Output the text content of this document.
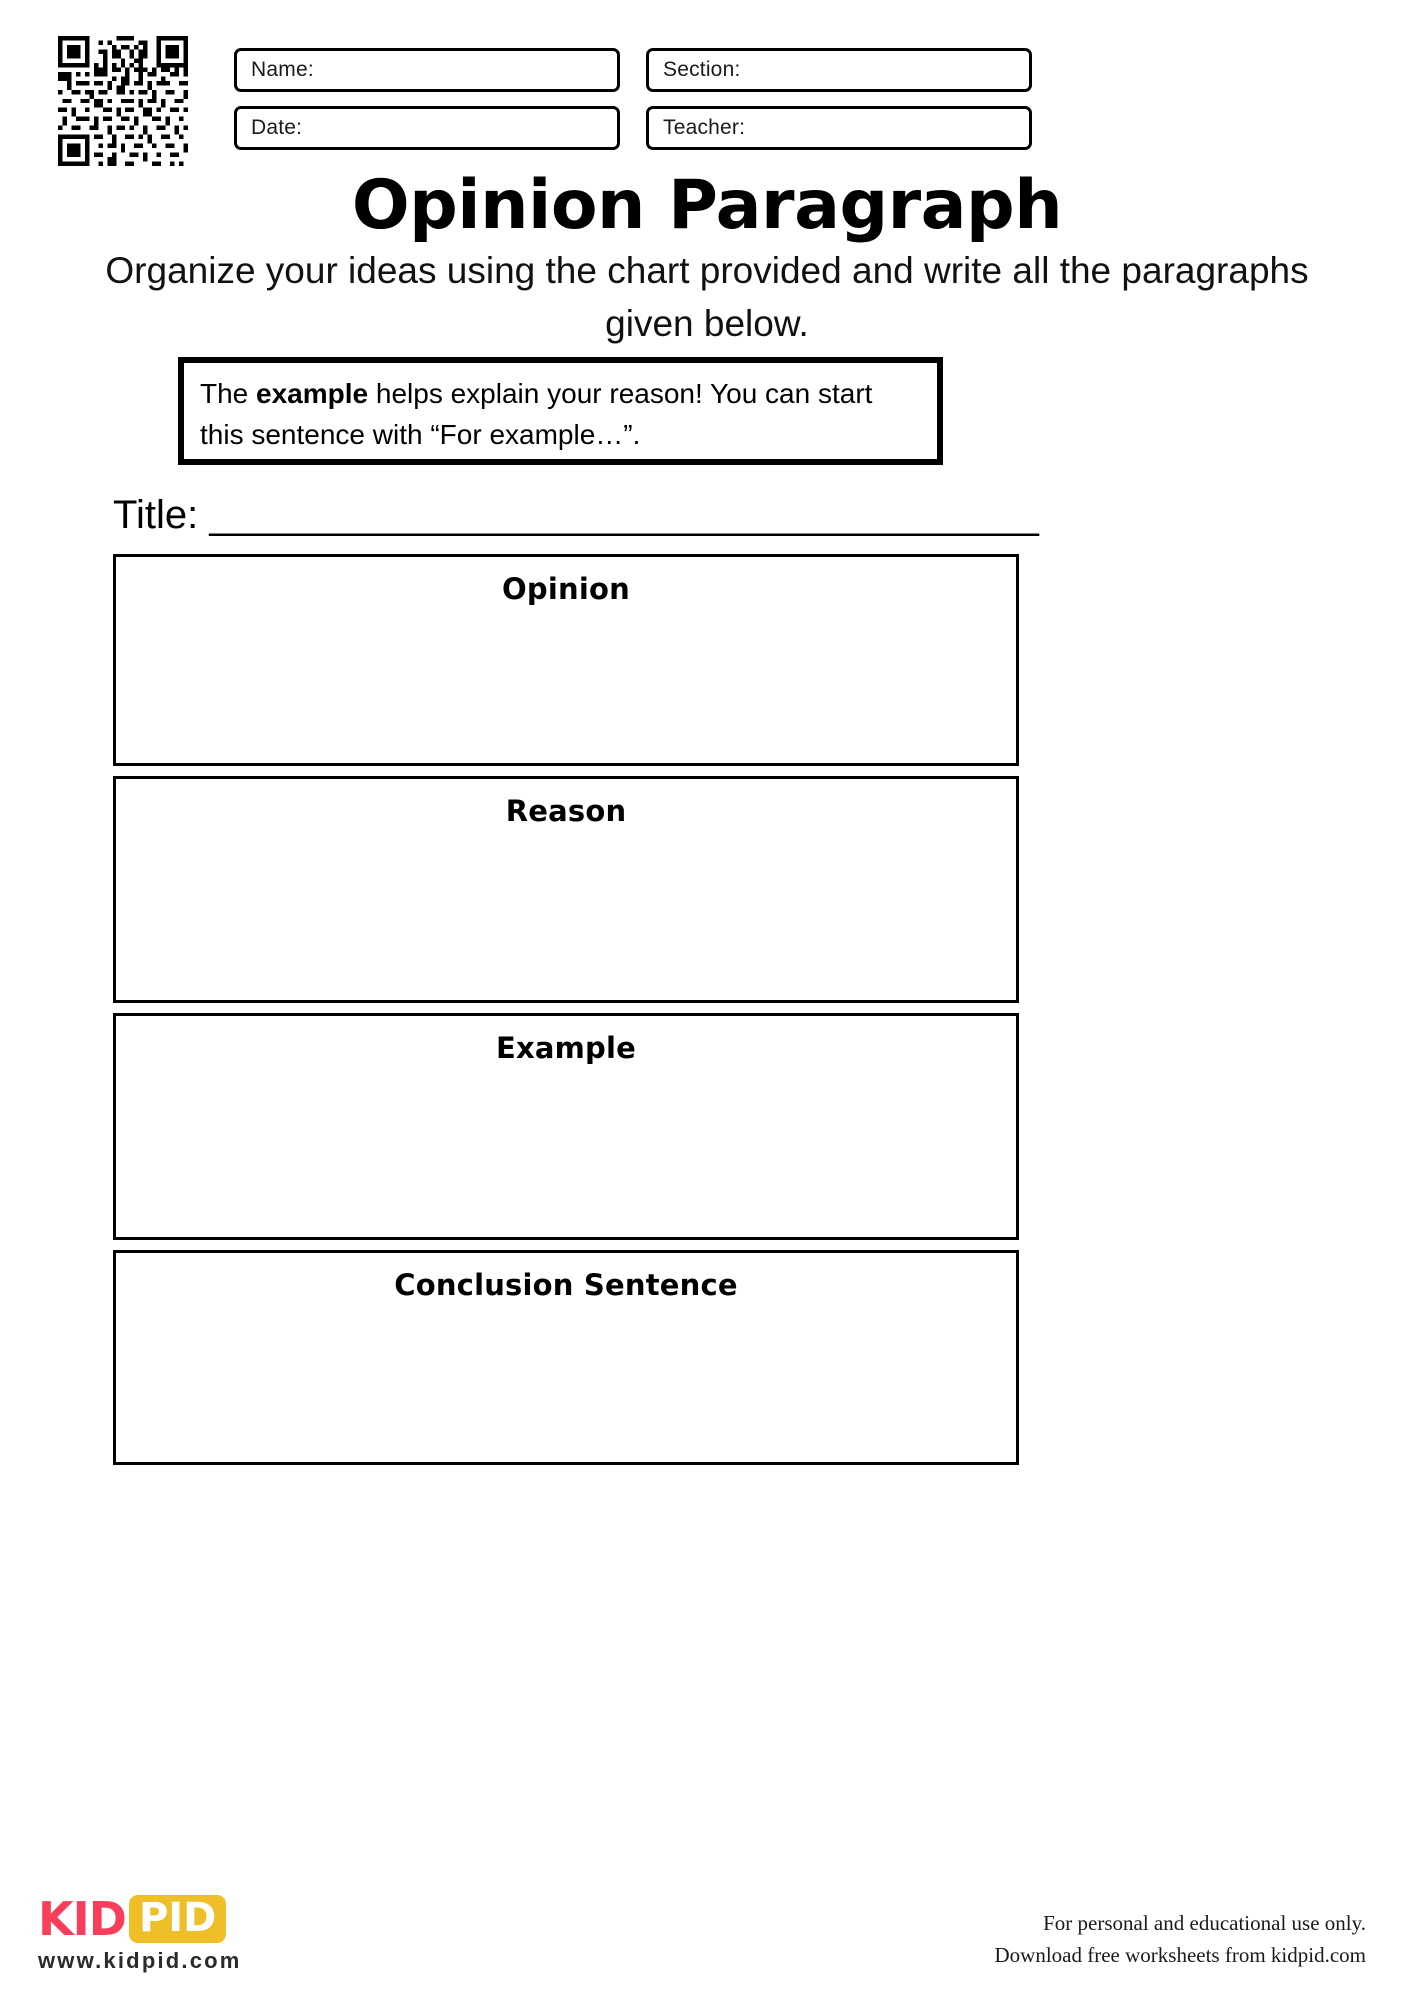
Name:	Section:
Date:	Teacher:
Opinion Paragraph
Organize your ideas using the chart provided and write all the paragraphs given below.
The example helps explain your reason! You can start this sentence with “For example…”.
Title: _______________________________________
Opinion
Reason
Example
Conclusion Sentence
KID PID
www.kidpid.com
For personal and educational use only.
Download free worksheets from kidpid.com
